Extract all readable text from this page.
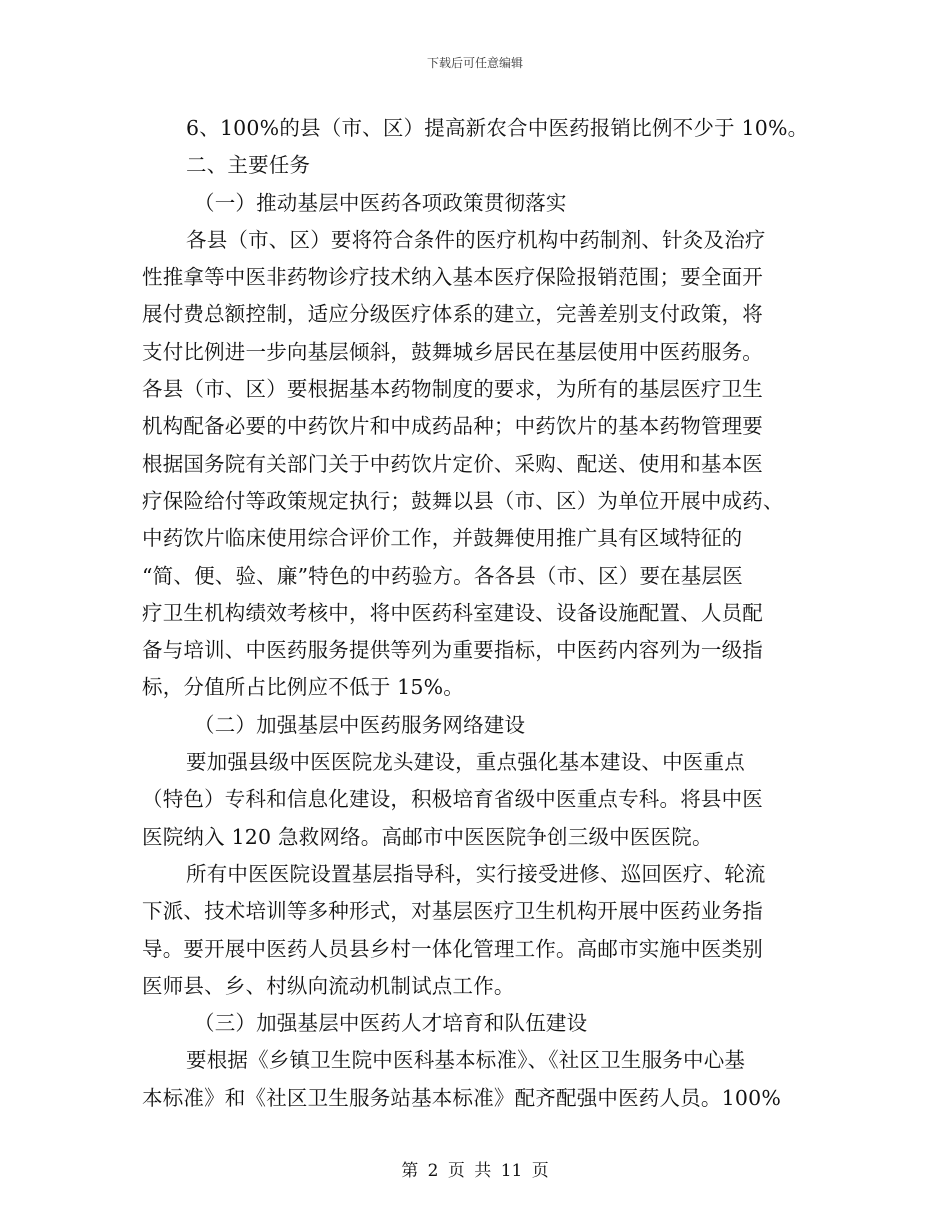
下载后可任意编辑
6、100%的县（市、区）提高新农合中医药报销比例不少于 10%。
二、主要任务
（一）推动基层中医药各项政策贯彻落实
各县（市、区）要将符合条件的医疗机构中药制剂、针灸及治疗
性推拿等中医非药物诊疗技术纳入基本医疗保险报销范围；要全面开
展付费总额控制，适应分级医疗体系的建立，完善差别支付政策，将
支付比例进一步向基层倾斜，鼓舞城乡居民在基层使用中医药服务。
各县（市、区）要根据基本药物制度的要求，为所有的基层医疗卫生
机构配备必要的中药饮片和中成药品种；中药饮片的基本药物管理要
根据国务院有关部门关于中药饮片定价、采购、配送、使用和基本医
疗保险给付等政策规定执行；鼓舞以县（市、区）为单位开展中成药、
中药饮片临床使用综合评价工作，并鼓舞使用推广具有区域特征的
“简、便、验、廉”特色的中药验方。各各县（市、区）要在基层医
疗卫生机构绩效考核中，将中医药科室建设、设备设施配置、人员配
备与培训、中医药服务提供等列为重要指标，中医药内容列为一级指
标，分值所占比例应不低于 15%。
（二）加强基层中医药服务网络建设
要加强县级中医医院龙头建设，重点强化基本建设、中医重点
（特色）专科和信息化建设，积极培育省级中医重点专科。将县中医
医院纳入 120 急救网络。高邮市中医医院争创三级中医医院。
所有中医医院设置基层指导科，实行接受进修、巡回医疗、轮流
下派、技术培训等多种形式，对基层医疗卫生机构开展中医药业务指
导。要开展中医药人员县乡村一体化管理工作。高邮市实施中医类别
医师县、乡、村纵向流动机制试点工作。
（三）加强基层中医药人才培育和队伍建设
要根据《乡镇卫生院中医科基本标准》、《社区卫生服务中心基
本标准》和《社区卫生服务站基本标准》配齐配强中医药人员。100%
第 2 页 共 11 页
